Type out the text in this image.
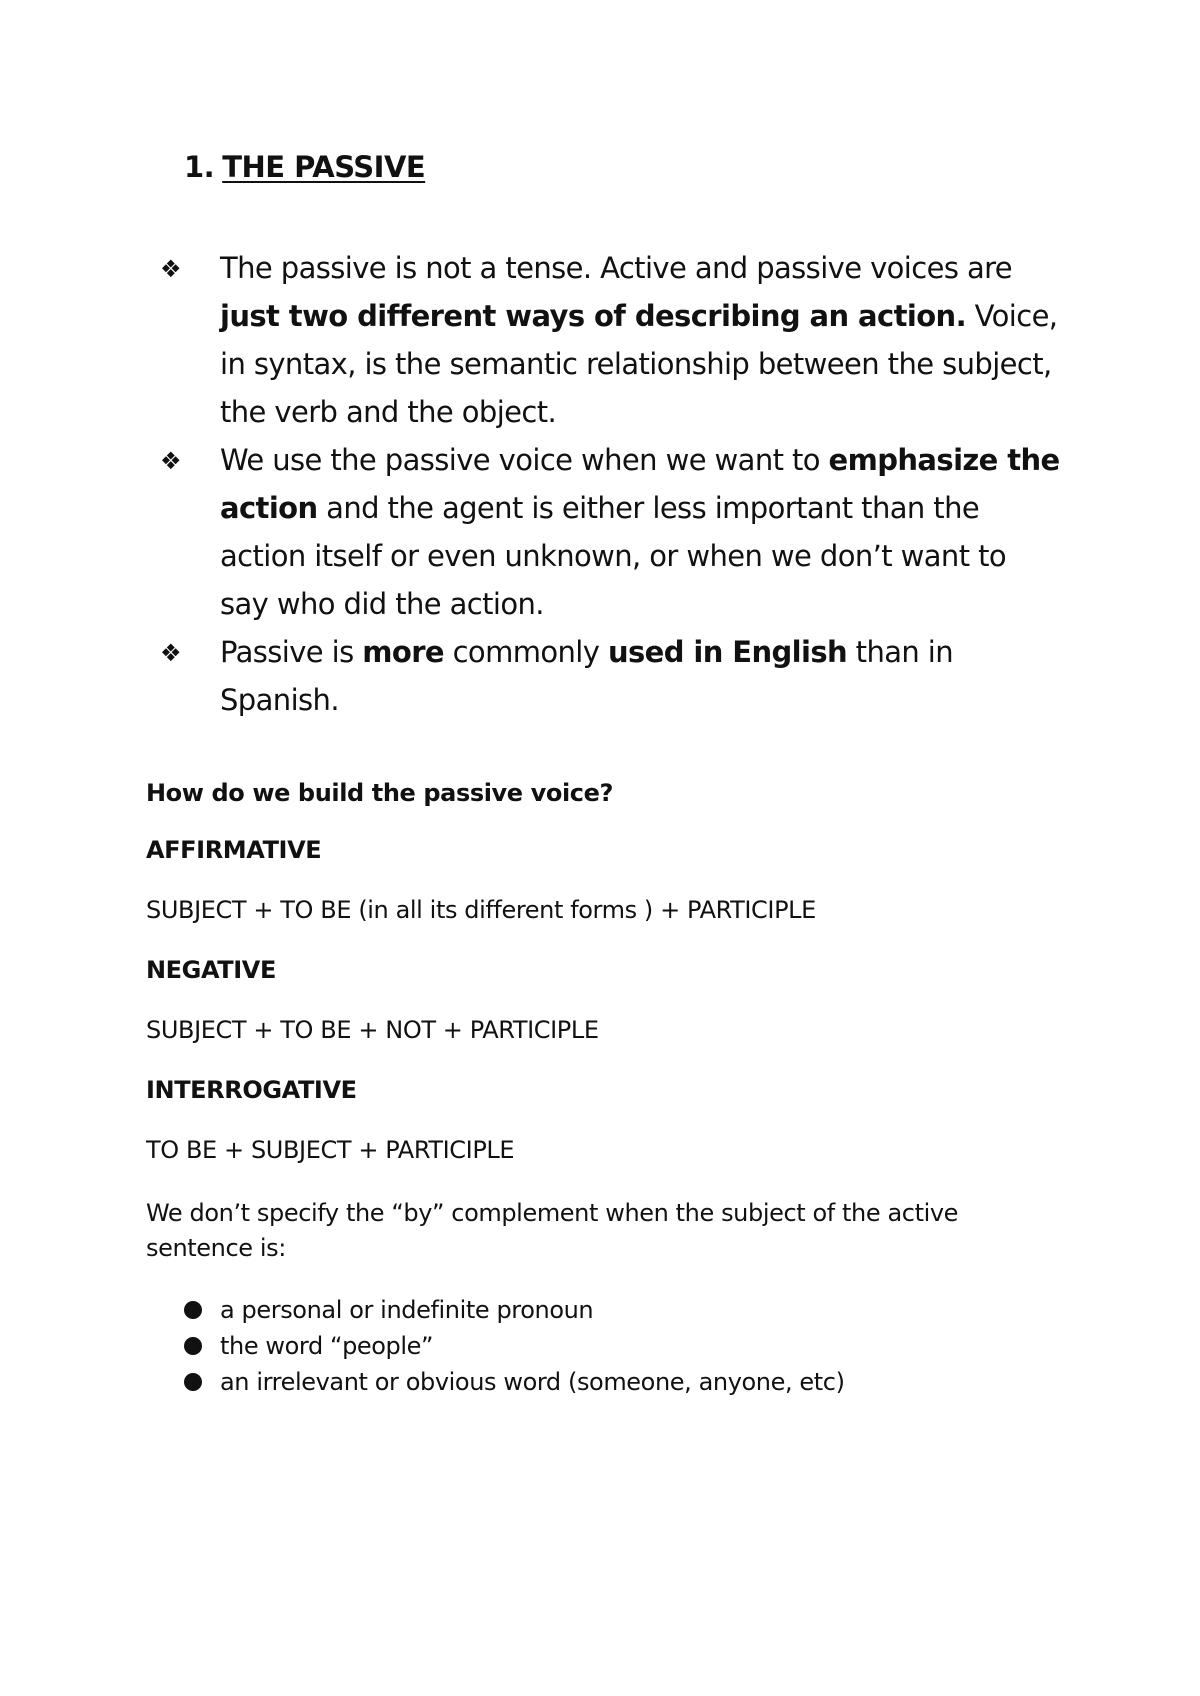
1. THE PASSIVE
❖ The passive is not a tense. Active and passive voices are just two different ways of describing an action. Voice, in syntax, is the semantic relationship between the subject, the verb and the object.
❖ We use the passive voice when we want to emphasize the action and the agent is either less important than the action itself or even unknown, or when we don’t want to say who did the action.
❖ Passive is more commonly used in English than in Spanish.
How do we build the passive voice?
AFFIRMATIVE
SUBJECT + TO BE (in all its different forms ) + PARTICIPLE
NEGATIVE
SUBJECT + TO BE + NOT + PARTICIPLE
INTERROGATIVE
TO BE + SUBJECT + PARTICIPLE
We don’t specify the “by” complement when the subject of the active sentence is:
a personal or indefinite pronoun
the word “people”
an irrelevant or obvious word (someone, anyone, etc)
